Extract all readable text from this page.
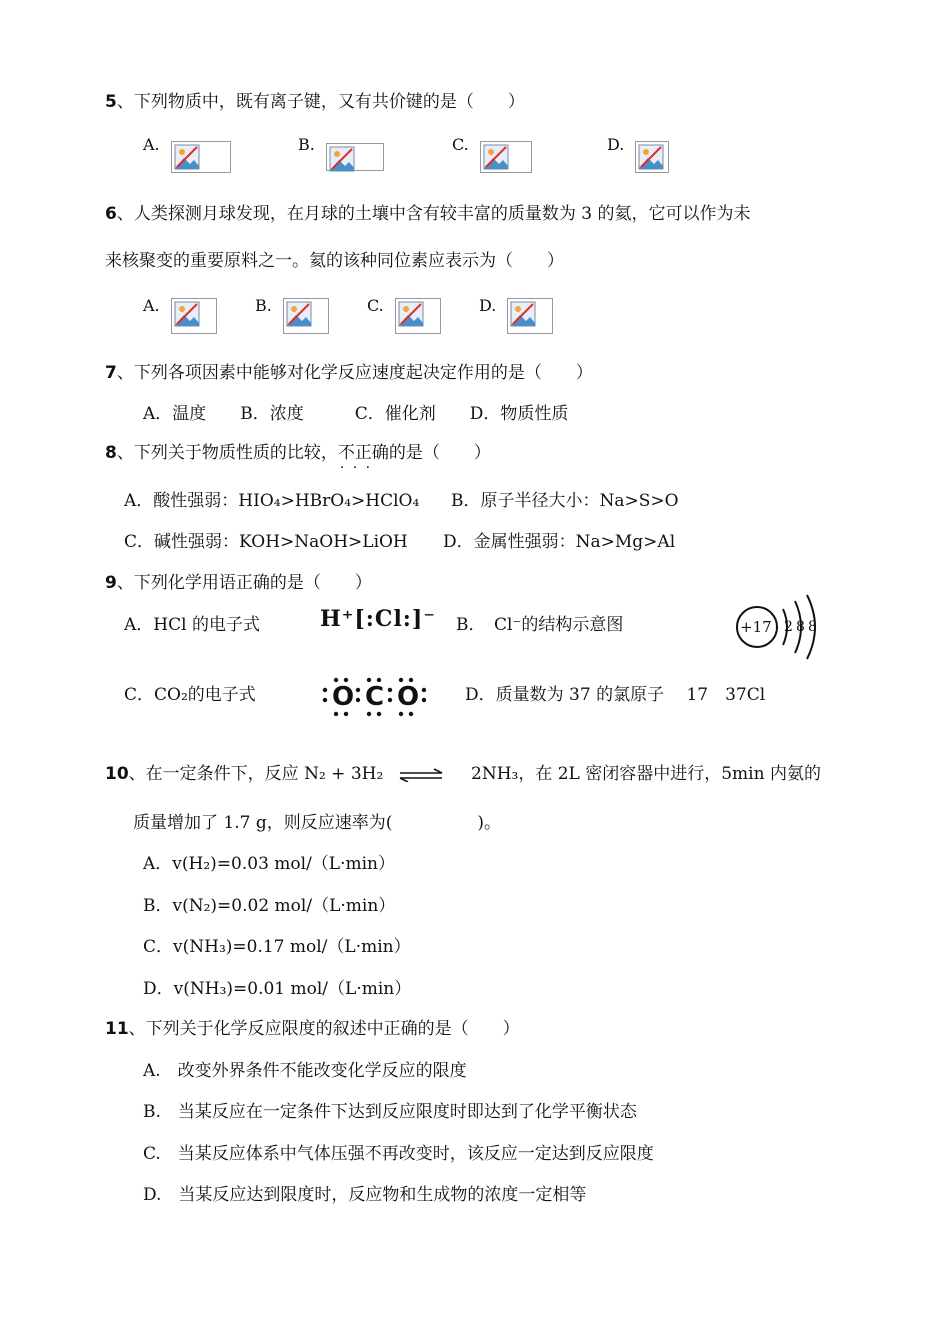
5、下列物质中，既有离子键，又有共价键的是（　　）
A.	B.	C.	D.
6、人类探测月球发现，在月球的土壤中含有较丰富的质量数为 3 的氦，它可以作为未
来核聚变的重要原料之一。氦的该种同位素应表示为（　　）
A.	B.	C.	D.
7、下列各项因素中能够对化学反应速度起决定作用的是（　　）
A．温度　　B．浓度　　　C．催化剂　　D．物质性质
8、下列关于物质性质的比较，不正确 · · ·的是（　　）
A．酸性强弱：HIO₄>HBrO₄>HClO₄ B．原子半径大小：Na>S>O
C．碱性强弱：KOH>NaOH>LiOH D．金属性强弱：Na>Mg>Al
9、下列化学用语正确的是（　　）
A．HCl 的电子式	H⁺[:Cl:]⁻ B．　Cl⁻的结构示意图	+17 2 8 8
C．CO₂的电子式	O C O	D．质量数为 37 的氯原子　 17　37Cl
10、在一定条件下，反应 N₂ + 3H₂ ⇌ 2NH₃，在 2L 密闭容器中进行，5min 内氨的
质量增加了 1.7 g，则反应速率为(　　　　　)。
A．v(H₂)=0.03 mol/（L·min）
B．v(N₂)=0.02 mol/（L·min）
C．v(NH₃)=0.17 mol/（L·min）
D．v(NH₃)=0.01 mol/（L·min）
11、下列关于化学反应限度的叙述中正确的是（　　）
A.　改变外界条件不能改变化学反应的限度
B.　当某反应在一定条件下达到反应限度时即达到了化学平衡状态
C.　当某反应体系中气体压强不再改变时，该反应一定达到反应限度
D.　当某反应达到限度时，反应物和生成物的浓度一定相等
